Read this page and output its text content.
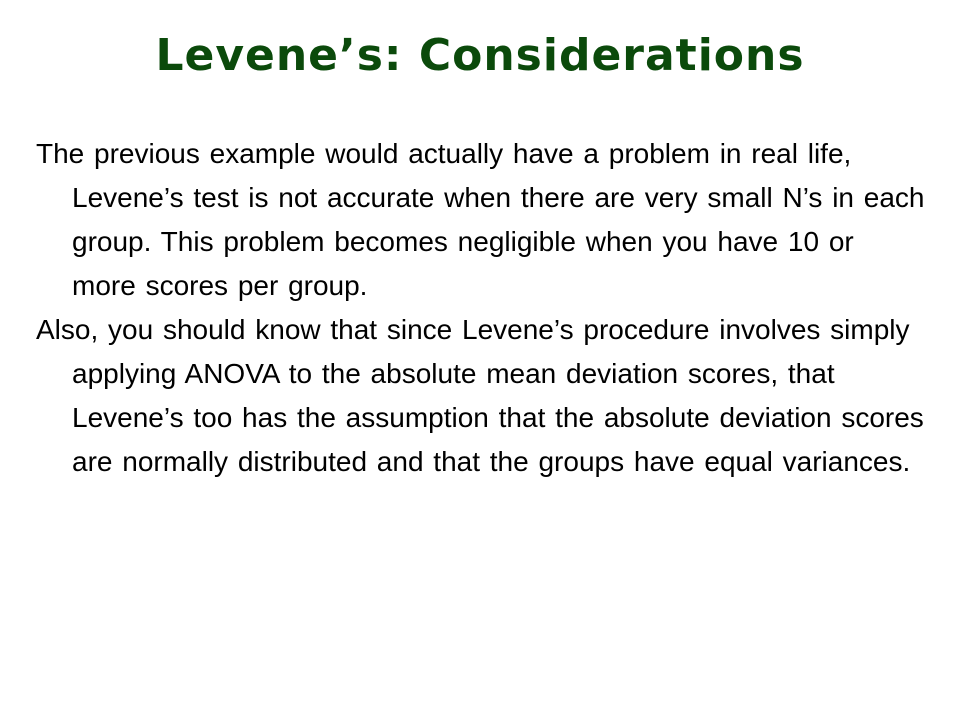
Levene’s: Considerations

The previous example would actually have a problem in real life, Levene’s test is not accurate when there are very small N’s in each group. This problem becomes negligible when you have 10 or more scores per group.

Also, you should know that since Levene’s procedure involves simply applying ANOVA to the absolute mean deviation scores, that Levene’s too has the assumption that the absolute deviation scores are normally distributed and that the groups have equal variances.
